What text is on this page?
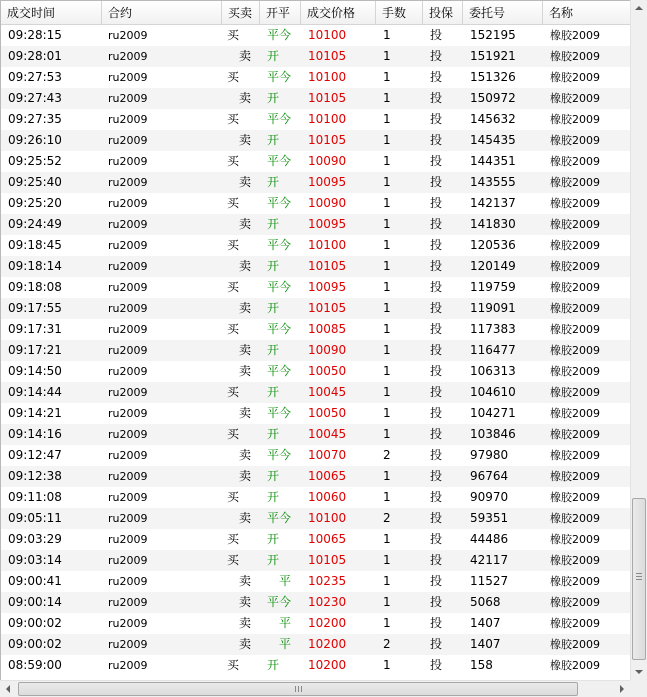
成交时间	合约	买卖	开平	成交价格	手数	投保	委托号	名称
09:28:15	ru2009	买 平今 10100	1	投 152195	橡胶2009
09:28:01	ru2009	卖 开 10105	1	投 151921	橡胶2009
09:27:53	ru2009	买 平今 10100	1	投 151326	橡胶2009
09:27:43	ru2009	卖 开 10105	1	投 150972	橡胶2009
09:27:35	ru2009	买 平今 10100	1	投 145632	橡胶2009
09:26:10	ru2009	卖 开 10105	1	投 145435	橡胶2009
09:25:52	ru2009	买 平今 10090	1	投 144351	橡胶2009
09:25:40	ru2009	卖 开 10095	1	投 143555	橡胶2009
09:25:20	ru2009	买 平今 10090	1	投 142137	橡胶2009
09:24:49	ru2009	卖 开 10095	1	投 141830	橡胶2009
09:18:45	ru2009	买 平今 10100	1	投 120536	橡胶2009
09:18:14	ru2009	卖 开 10105	1	投 120149	橡胶2009
09:18:08	ru2009	买 平今 10095	1	投 119759	橡胶2009
09:17:55	ru2009	卖 开 10105	1	投 119091	橡胶2009
09:17:31	ru2009	买 平今 10085	1	投 117383	橡胶2009
09:17:21	ru2009	卖 开 10090	1	投 116477	橡胶2009
09:14:50	ru2009	卖 平今 10050	1	投 106313	橡胶2009
09:14:44	ru2009	买 开 10045	1	投 104610	橡胶2009
09:14:21	ru2009	卖 平今 10050	1	投 104271	橡胶2009
09:14:16	ru2009	买 开 10045	1	投 103846	橡胶2009
09:12:47	ru2009	卖 平今 10070	2	投 97980	橡胶2009
09:12:38	ru2009	卖 开 10065	1	投 96764	橡胶2009
09:11:08	ru2009	买 开 10060	1	投 90970	橡胶2009
09:05:11	ru2009	卖 平今 10100	2	投 59351	橡胶2009
09:03:29	ru2009	买 开 10065	1	投 44486	橡胶2009
09:03:14	ru2009	买 开 10105	1	投 42117	橡胶2009
09:00:41	ru2009	卖 平 10235	1	投 11527	橡胶2009
09:00:14	ru2009	卖 平今 10230	1	投 5068	橡胶2009
09:00:02	ru2009	卖 平 10200	1	投 1407	橡胶2009
09:00:02	ru2009	卖 平 10200	2	投 1407	橡胶2009
08:59:00	ru2009	买 开 10200	1	投 158	橡胶2009
